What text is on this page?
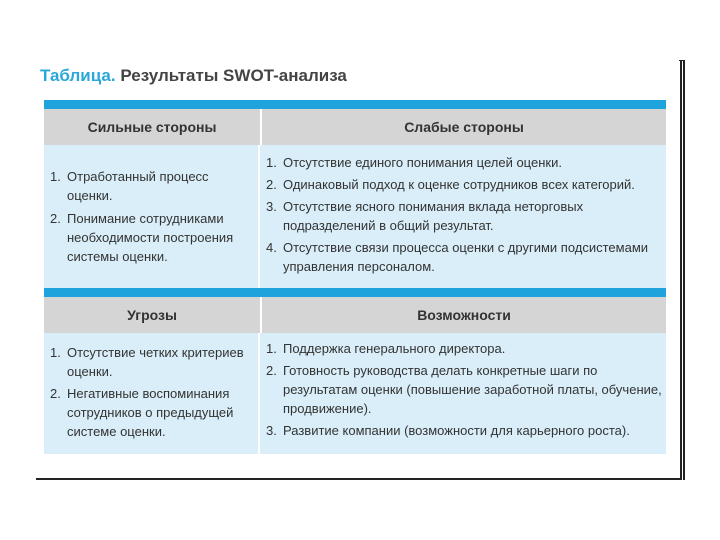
Таблица. Результаты SWOT-анализа
Сильные стороны	Слабые стороны
1. Отработанный процесс оценки.
2. Понимание сотрудниками необходимости построения системы оценки.
1. Отсутствие единого понимания целей оценки.
2. Одинаковый подход к оценке сотрудников всех категорий.
3. Отсутствие ясного понимания вклада неторговых подразделений в общий результат.
4. Отсутствие связи процесса оценки с другими подсистемами управления персоналом.
Угрозы	Возможности
1. Отсутствие четких критериев оценки.
2. Негативные воспоминания сотрудников о предыдущей системе оценки.
1. Поддержка генерального директора.
2. Готовность руководства делать конкретные шаги по результатам оценки (повышение заработной платы, обучение, продвижение).
3. Развитие компании (возможности для карьерного роста).
